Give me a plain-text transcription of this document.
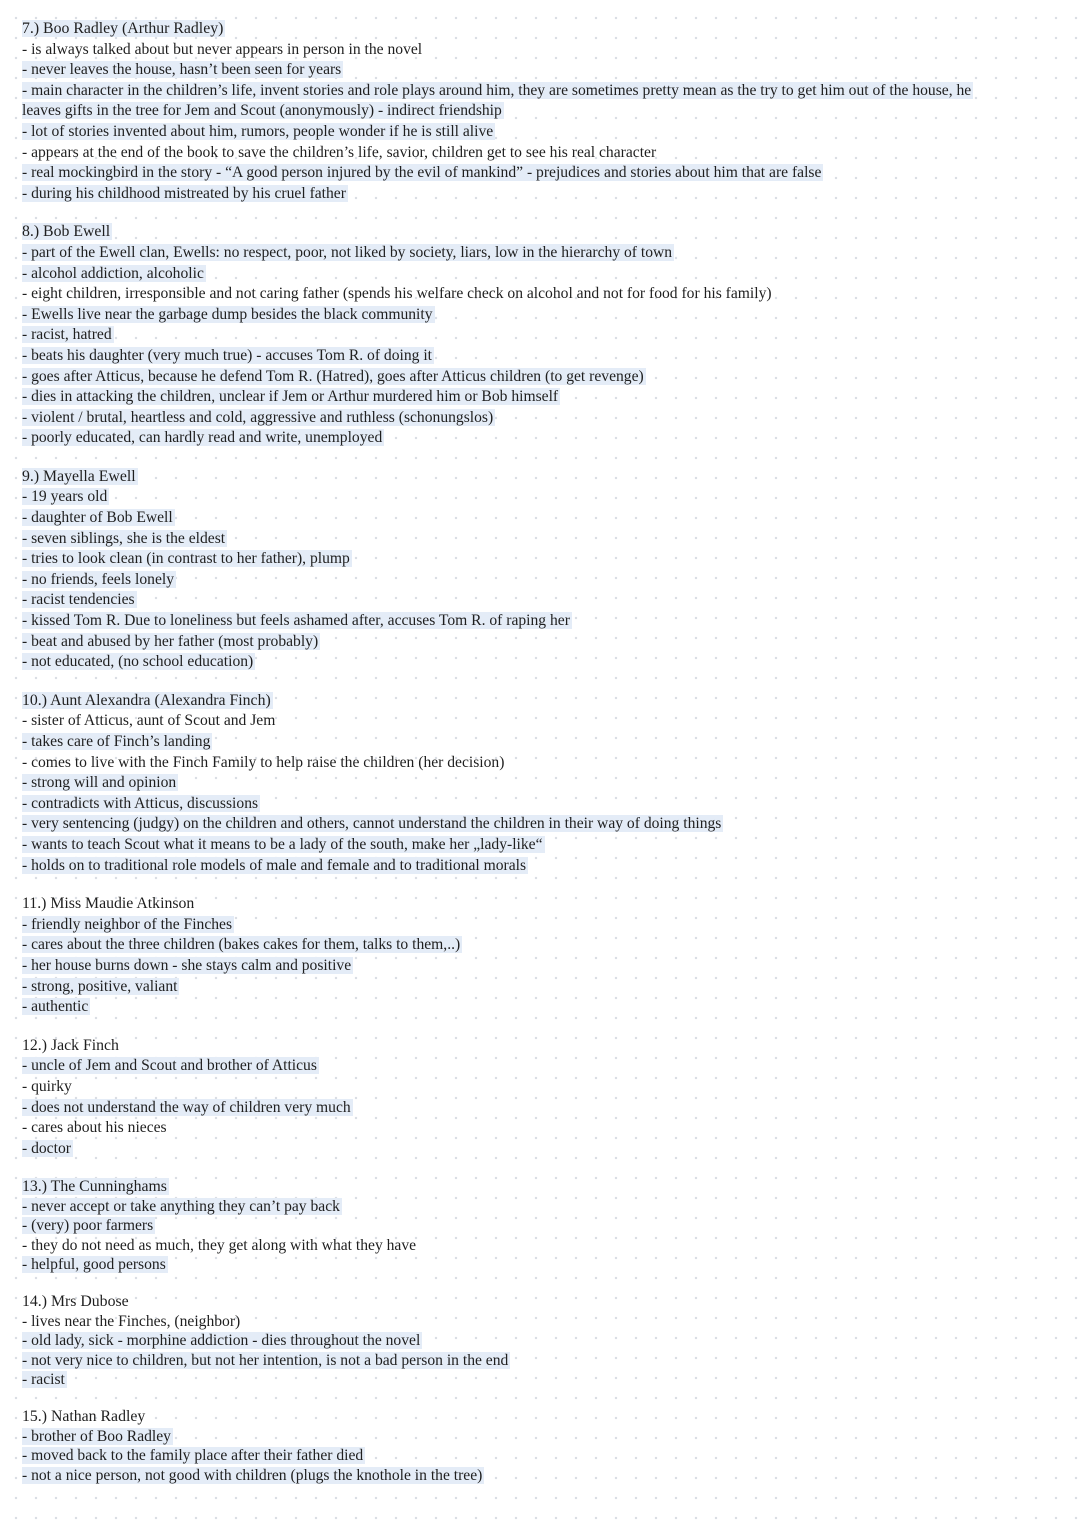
7.) Boo Radley (Arthur Radley)
- is always talked about but never appears in person in the novel
- never leaves the house, hasn’t been seen for years
- main character in the children’s life, invent stories and role plays around him, they are sometimes pretty mean as the try to get him out of the house, he leaves gifts in the tree for Jem and Scout (anonymously) - indirect friendship
- lot of stories invented about him, rumors, people wonder if he is still alive
- appears at the end of the book to save the children’s life, savior, children get to see his real character
- real mockingbird in the story - “A good person injured by the evil of mankind” - prejudices and stories about him that are false
- during his childhood mistreated by his cruel father
8.) Bob Ewell
- part of the Ewell clan, Ewells: no respect, poor, not liked by society, liars, low in the hierarchy of town
- alcohol addiction, alcoholic
- eight children, irresponsible and not caring father (spends his welfare check on alcohol and not for food for his family)
- Ewells live near the garbage dump besides the black community
- racist, hatred
- beats his daughter (very much true) - accuses Tom R. of doing it
- goes after Atticus, because he defend Tom R. (Hatred), goes after Atticus children (to get revenge)
- dies in attacking the children, unclear if Jem or Arthur murdered him or Bob himself
- violent / brutal, heartless and cold, aggressive and ruthless (schonungslos)
- poorly educated, can hardly read and write, unemployed
9.) Mayella Ewell
- 19 years old
- daughter of Bob Ewell
- seven siblings, she is the eldest
- tries to look clean (in contrast to her father), plump
- no friends, feels lonely
- racist tendencies
- kissed Tom R. Due to loneliness but feels ashamed after, accuses Tom R. of raping her
- beat and abused by her father (most probably)
- not educated, (no school education)
10.) Aunt Alexandra (Alexandra Finch)
- sister of Atticus, aunt of Scout and Jem
- takes care of Finch’s landing
- comes to live with the Finch Family to help raise the children (her decision)
- strong will and opinion
- contradicts with Atticus, discussions
- very sentencing (judgy) on the children and others, cannot understand the children in their way of doing things
- wants to teach Scout what it means to be a lady of the south, make her „lady-like“
- holds on to traditional role models of male and female and to traditional morals
11.) Miss Maudie Atkinson
- friendly neighbor of the Finches
- cares about the three children (bakes cakes for them, talks to them,..)
- her house burns down - she stays calm and positive
- strong, positive, valiant
- authentic
12.) Jack Finch
- uncle of Jem and Scout and brother of Atticus
- quirky
- does not understand the way of children very much
- cares about his nieces
- doctor
13.) The Cunninghams
- never accept or take anything they can’t pay back
- (very) poor farmers
- they do not need as much, they get along with what they have
- helpful, good persons
14.) Mrs Dubose
- lives near the Finches, (neighbor)
- old lady, sick - morphine addiction - dies throughout the novel
- not very nice to children, but not her intention, is not a bad person in the end
- racist
15.) Nathan Radley
- brother of Boo Radley
- moved back to the family place after their father died
- not a nice person, not good with children (plugs the knothole in the tree)
